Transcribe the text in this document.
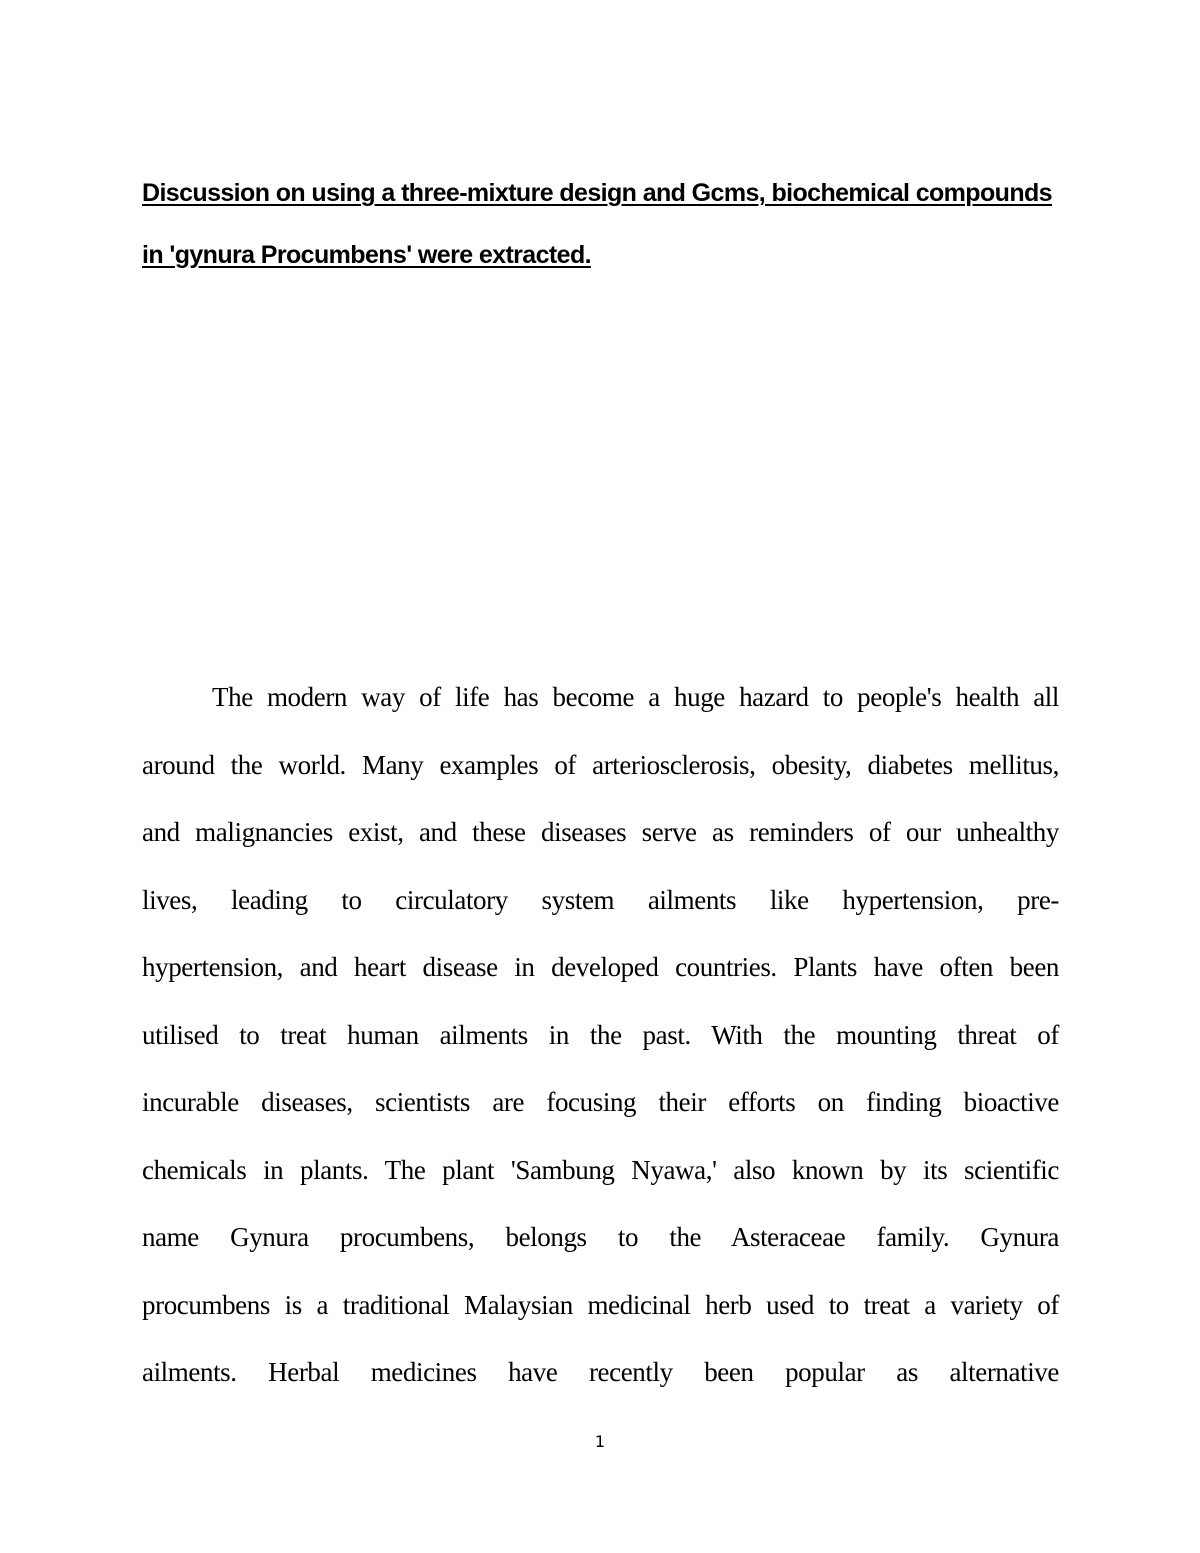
Discussion on using a three-mixture design and Gcms, biochemical compounds
in 'gynura Procumbens' were extracted.
The modern way of life has become a huge hazard to people's health all
around the world. Many examples of arteriosclerosis, obesity, diabetes mellitus,
and malignancies exist, and these diseases serve as reminders of our unhealthy
lives, leading to circulatory system ailments like hypertension, pre-
hypertension, and heart disease in developed countries. Plants have often been
utilised to treat human ailments in the past. With the mounting threat of
incurable diseases, scientists are focusing their efforts on finding bioactive
chemicals in plants. The plant 'Sambung Nyawa,' also known by its scientific
name Gynura procumbens, belongs to the Asteraceae family. Gynura
procumbens is a traditional Malaysian medicinal herb used to treat a variety of
ailments. Herbal medicines have recently been popular as alternative
1
